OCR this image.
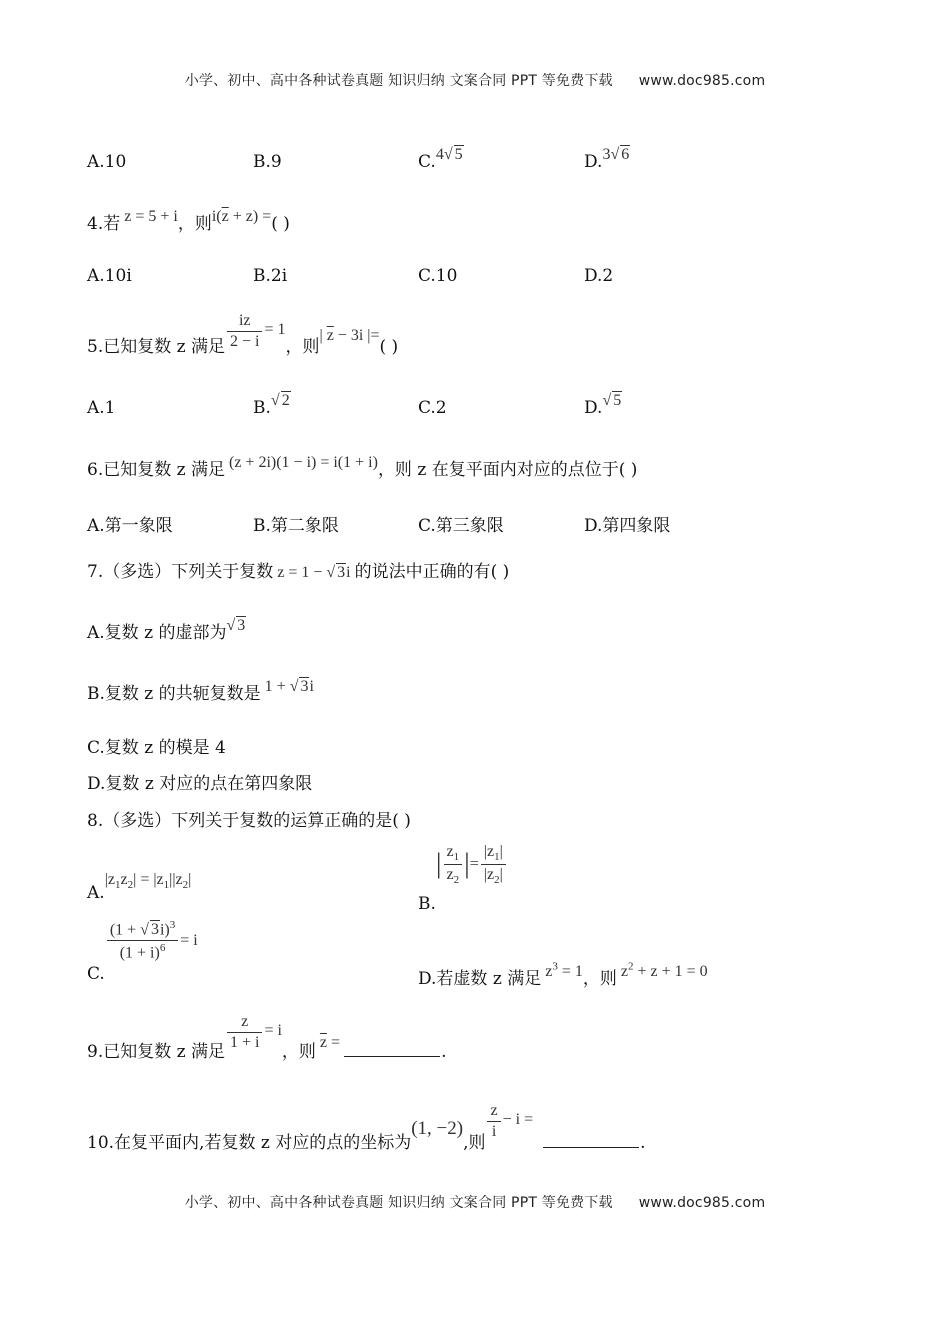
小学、初中、高中各种试卷真题 知识归纳 文案合同 PPT 等免费下载 www.doc985.com
A.10	B.9	C.4√ 5	D.3√ 6
4.若 z = 5 + i，则$i(\overline{z} + z)$ =( )
A.10i	B.2i	C.10	D.2
5.已知复数 z 满足 $\frac{iz}{2 - i} = 1$，则| $\overline{z} - 3i$ |=( )
A.1	B.√ 2	C.2	D.√ 5
6.已知复数 z 满足 (z + 2i)(1 − i) = i(1 + i)，则 z 在复平面内对应的点位于( )
A.第一象限	B.第二象限	C.第三象限	D.第四象限
7.（多选）下列关于复数 z = 1 − √ 3i 的说法中正确的有( )
A.复数 z 的虚部为√ 3
B.复数 z 的共轭复数是 1 + √ 3i
C.复数 z 的模是 4
D.复数 z 对应的点在第四象限
8.（多选）下列关于复数的运算正确的是( )
$A.|z_1z_2| = |z_1||z_2|$
$B.| \frac{z_1}{z_2}$ |= $\frac{|z_1|}{|z_2|}$
C.
$\frac{(1 + √ 3i)^3}{(1 + i)^6} = i$
D.若虚数 z 满足 $z^3 = 1$，则 $z^2 + z + 1 = 0$
9.已知复数 z 满足 $\frac{z}{1 + i} = i$，则 $\overline{z}$ =	.
10.在复平面内,若复数 z 对应的点的坐标为(1, −2),则
$\frac{z}{i} - i$ =.
小学、初中、高中各种试卷真题 知识归纳 文案合同 PPT 等免费下载 www.doc985.com
